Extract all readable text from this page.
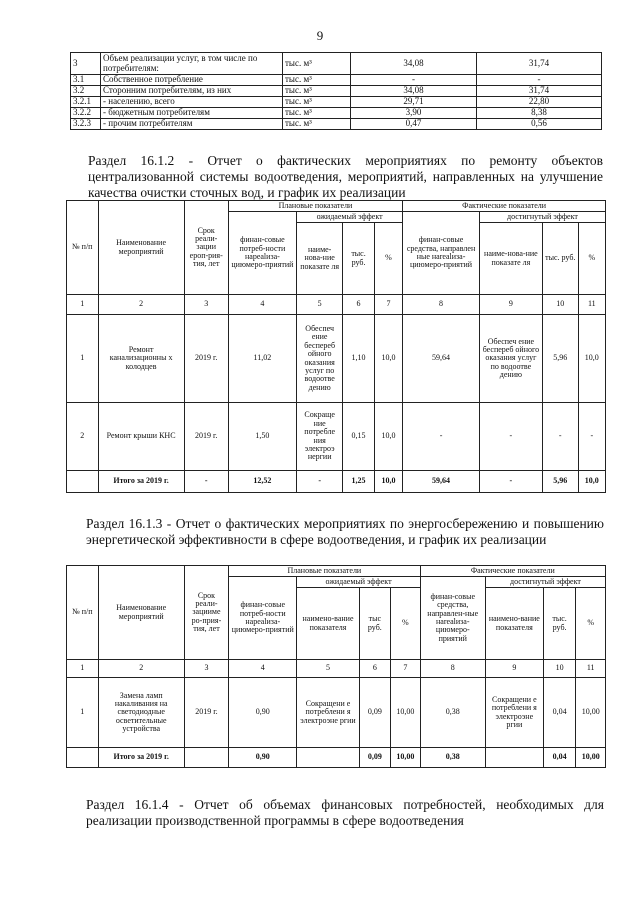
9
3	Объем реализации услуг, в том числе по потребителям:	тыс. м³	34,08	31,74
3.1	Собственное потребление	тыс. м³	-	-
3.2	Сторонним потребителям, из них	тыс. м³	34,08	31,74
3.2.1	- населению, всего	тыс. м³	29,71	22,80
3.2.2	- бюджетным потребителям	тыс. м³	3,90	8,38
3.2.3	- прочим потребителям	тыс. м³	0,47	0,56
Раздел 16.1.2 - Отчет о фактических мероприятиях по ремонту объектов централизованной системы водоотведения, мероприятий, направленных на улучшение качества очистки сточных вод, и график их реализации
№ п/п	Наименование мероприятий	Срок реали-зации ероп-рия-тия, лет	Плановые показатели				Фактические показатели			
			финан-совые потреб-ности нарealиза-циюмеро-приятий	ожидаемый эффект			финан-совые средства, направлен ные нarealиза-циюмеро-приятий	достигнутый эффект		
				наиме-нова-ние показате ля	тыс. руб.	%		наиме-нова-ние показате ля	тыс. руб.	%
1	2	3	4	5	6	7	8	9	10	11
1	Ремонт канализационны х колодцев	2019 г.	11,02	Обеспеч ение беспереб ойного оказания услуг по водоотве дению	1,10	10,0	59,64	Обеспеч ение беспереб ойного оказания услуг по водоотве дению	5,96	10,0
2	Ремонт крыши КНС	2019 г.	1,50	Сокраще ние потребле ния электроэ нергии	0,15	10,0	-	-	-	-
	Итого за 2019 г.	-	12,52	-	1,25	10,0	59,64	-	5,96	10,0
Раздел 16.1.3 - Отчет о фактических мероприятиях по энергосбережению и повышению энергетической эффективности в сфере водоотведения, и график их реализации
№ п/п	Наименование мероприятий	Срок реали-зацииме ро-прия-тия, лет	Плановые показатели				Фактические показатели			
			финан-совые потреб-ности нарealиза-циюмеро-приятий	ожидаемый эффект			финан-совые средства, направлен-ные нarealиза-циюмеро-приятий	достигнутый эффект		
				наимено-вание показателя	тыс руб.	%		наимено-вание показателя	тыс. руб.	%
1	2	3	4	5	6	7	8	9	10	11
1	Замена ламп накаливания на светодиодные осветительные устройства	2019 г.	0,90	Сокращени е потреблени я электроэне ргии	0,09	10,00	0,38	Сокращени е потреблени я электроэне ргии	0,04	10,00
	Итого за 2019 г.		0,90		0,09	10,00	0,38		0,04	10,00
Раздел 16.1.4 - Отчет об объемах финансовых потребностей, необходимых для реализации производственной программы в сфере водоотведения
